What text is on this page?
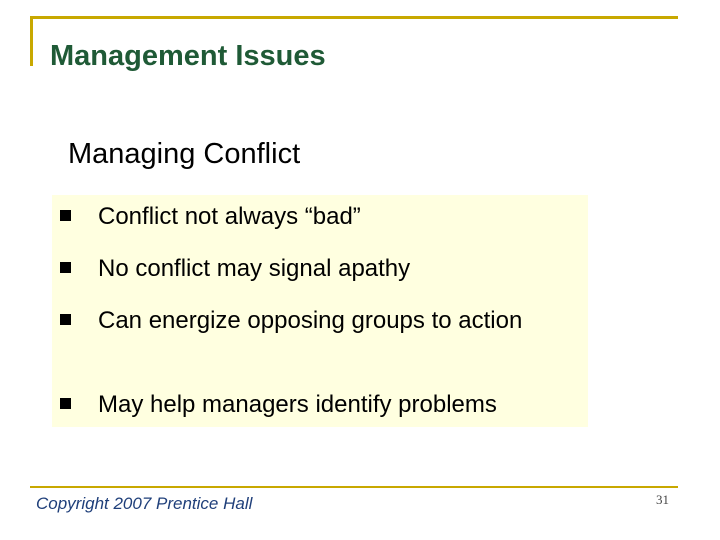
Management Issues
Managing Conflict
Conflict not always “bad”
No conflict may signal apathy
Can energize opposing groups to action
May help managers identify problems
Copyright 2007 Prentice Hall	31
